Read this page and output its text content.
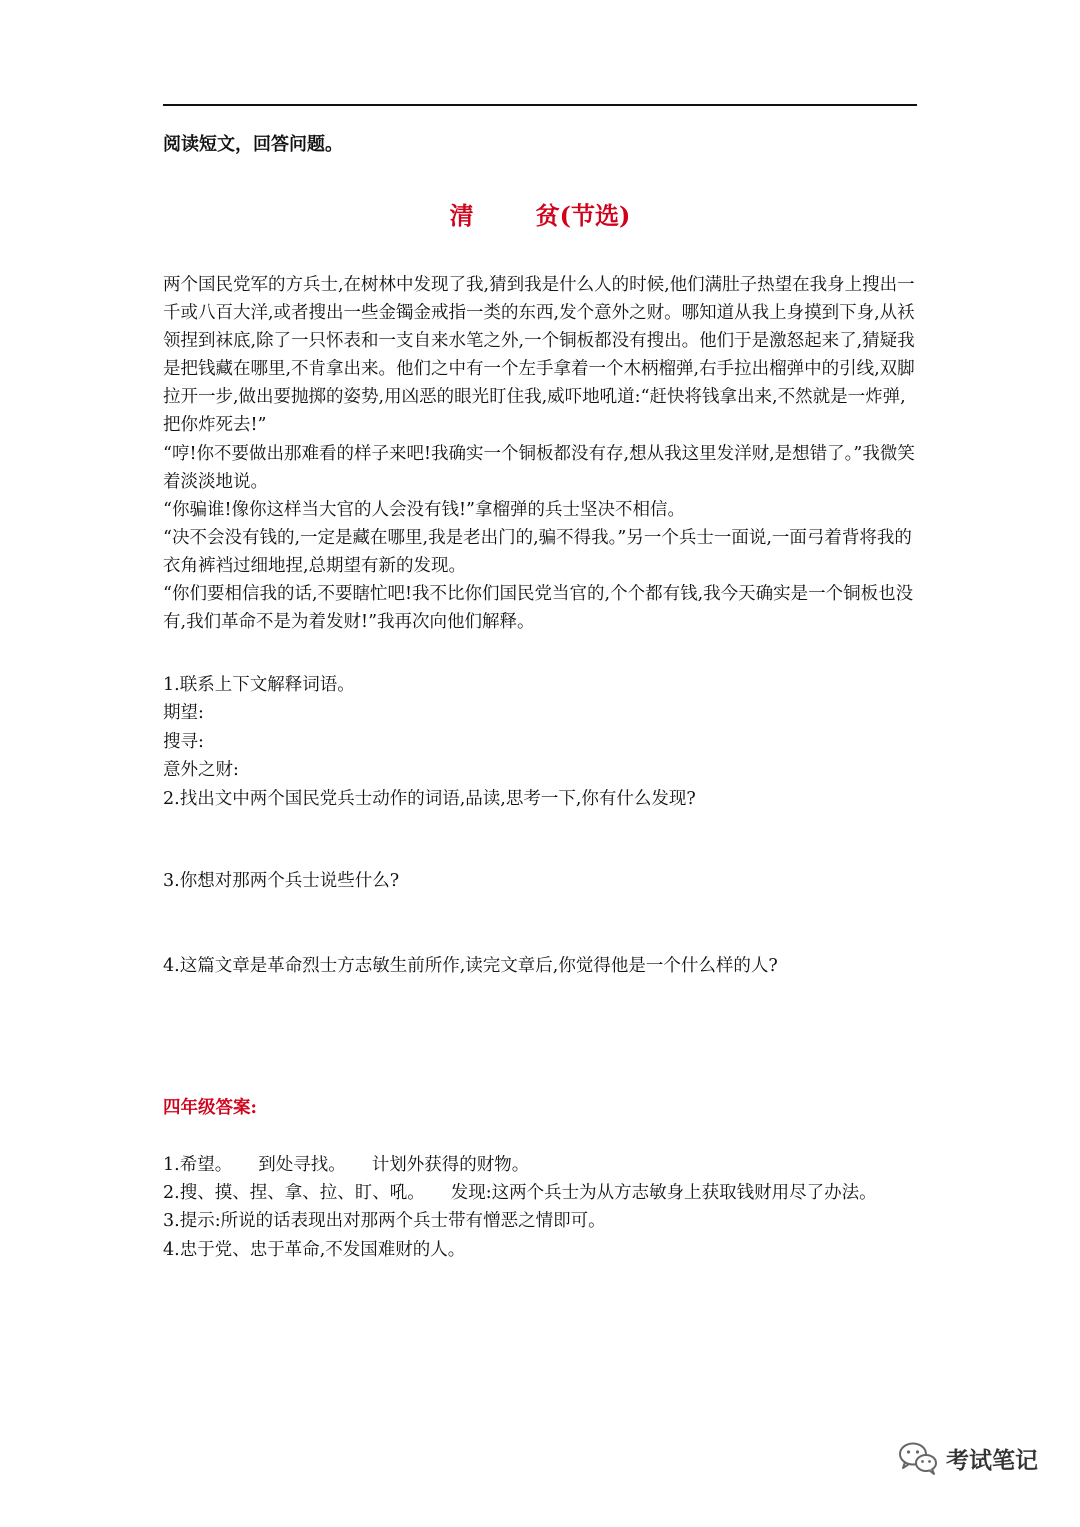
阅读短文，回答问题。
清	贫(节选)

两个国民党军的方兵士,在树林中发现了我,猜到我是什么人的时候,他们满肚子热望在我身上搜出一千或八百大洋,或者搜出一些金镯金戒指一类的东西,发个意外之财。哪知道从我上身摸到下身,从袄领捏到袜底,除了一只怀表和一支自来水笔之外,一个铜板都没有搜出。他们于是激怒起来了,猜疑我是把钱藏在哪里,不肯拿出来。他们之中有一个左手拿着一个木柄榴弹,右手拉出榴弹中的引线,双脚拉开一步,做出要抛掷的姿势,用凶恶的眼光盯住我,威吓地吼道:“赶快将钱拿出来,不然就是一炸弹,把你炸死去!”

“哼!你不要做出那难看的样子来吧!我确实一个铜板都没有存,想从我这里发洋财,是想错了。”我微笑着淡淡地说。

“你骗谁!像你这样当大官的人会没有钱!”拿榴弹的兵士坚决不相信。

“决不会没有钱的,一定是藏在哪里,我是老出门的,骗不得我。”另一个兵士一面说,一面弓着背将我的衣角裤裆过细地捏,总期望有新的发现。

“你们要相信我的话,不要瞎忙吧!我不比你们国民党当官的,个个都有钱,我今天确实是一个铜板也没有,我们革命不是为着发财!”我再次向他们解释。

1.联系上下文解释词语。

期望:

搜寻:

意外之财:

2.找出文中两个国民党兵士动作的词语,品读,思考一下,你有什么发现?

3.你想对那两个兵士说些什么?
4.这篇文章是革命烈士方志敏生前所作,读完文章后,你觉得他是一个什么样的人?
四年级答案:

1.希望。 到处寻找。 计划外获得的财物。

2.搜、摸、捏、拿、拉、盯、吼。 发现:这两个兵士为从方志敏身上获取钱财用尽了办法。

3.提示:所说的话表现出对那两个兵士带有憎恶之情即可。

4.忠于党、忠于革命,不发国难财的人。

考试笔记
